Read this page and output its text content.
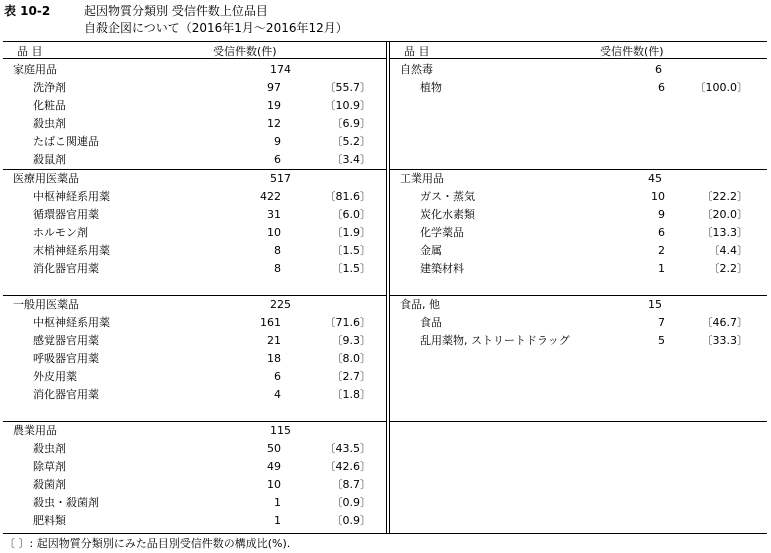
表 10-2	起因物質分類別 受信件数上位品目
自殺企図について（2016年1月～2016年12月）
品 目	受信件数(件)
家庭用品	174
洗浄剤	97	〔55.7〕
化粧品	19	〔10.9〕
殺虫剤	12	〔6.9〕
たばこ関連品	9	〔5.2〕
殺鼠剤	6	〔3.4〕
医療用医薬品	517
中枢神経系用薬	422	〔81.6〕
循環器官用薬	31	〔6.0〕
ホルモン剤	10	〔1.9〕
末梢神経系用薬	8	〔1.5〕
消化器官用薬	8	〔1.5〕
一般用医薬品	225
中枢神経系用薬	161	〔71.6〕
感覚器官用薬	21	〔9.3〕
呼吸器官用薬	18	〔8.0〕
外皮用薬	6	〔2.7〕
消化器官用薬	4	〔1.8〕
農業用品	115
殺虫剤	50	〔43.5〕
除草剤	49	〔42.6〕
殺菌剤	10	〔8.7〕
殺虫・殺菌剤	1	〔0.9〕
肥料類	1	〔0.9〕
品 目	受信件数(件)
自然毒	6
植物	6	〔100.0〕
工業用品	45
ガス・蒸気	10	〔22.2〕
炭化水素類	9	〔20.0〕
化学薬品	6	〔13.3〕
金属	2	〔4.4〕
建築材料	1	〔2.2〕
食品, 他	15
食品	7	〔46.7〕
乱用薬物, ストリートドラッグ	5	〔33.3〕
〔 〕: 起因物質分類別にみた品目別受信件数の構成比(%).
